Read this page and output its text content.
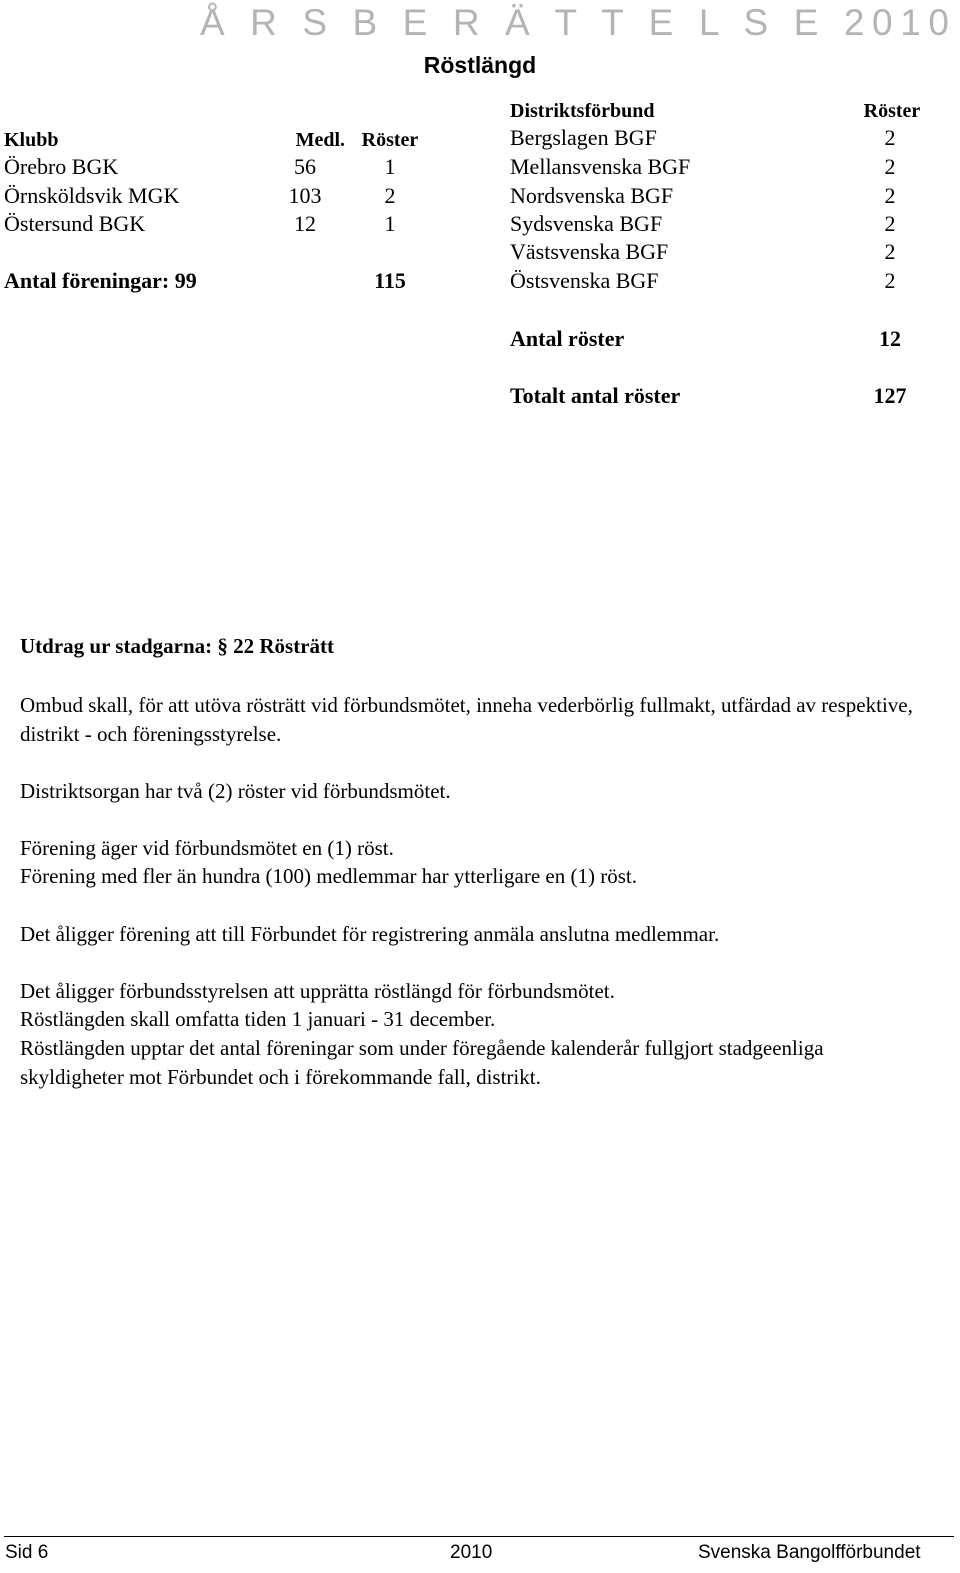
Å R S B E R Ä T T E L S E 2010
Röstlängd
Klubb	Medl. Röster
Örebro BGK	56	1
Örnsköldsvik MGK	103	2
Östersund BGK	12	1
Antal föreningar: 99	115
Distriktsförbund	Röster
Bergslagen BGF	2
Mellansvenska BGF	2
Nordsvenska BGF	2
Sydsvenska BGF	2
Västsvenska BGF	2
Östsvenska BGF	2
Antal röster	12
Totalt antal röster	127
Utdrag ur stadgarna: § 22 Rösträtt
Ombud skall, för att utöva rösträtt vid förbundsmötet, inneha vederbörlig fullmakt, utfärdad av respektive, distrikt - och föreningsstyrelse.
Distriktsorgan har två (2) röster vid förbundsmötet.
Förening äger vid förbundsmötet en (1) röst.
Förening med fler än hundra (100) medlemmar har ytterligare en (1) röst.
Det åligger förening att till Förbundet för registrering anmäla anslutna medlemmar.
Det åligger förbundsstyrelsen att upprätta röstlängd för förbundsmötet.
Röstlängden skall omfatta tiden 1 januari - 31 december.
Röstlängden upptar det antal föreningar som under föregående kalenderår fullgjort stadgeenliga skyldigheter mot Förbundet och i förekommande fall, distrikt.
Sid 6	2010	Svenska Bangolfförbundet
